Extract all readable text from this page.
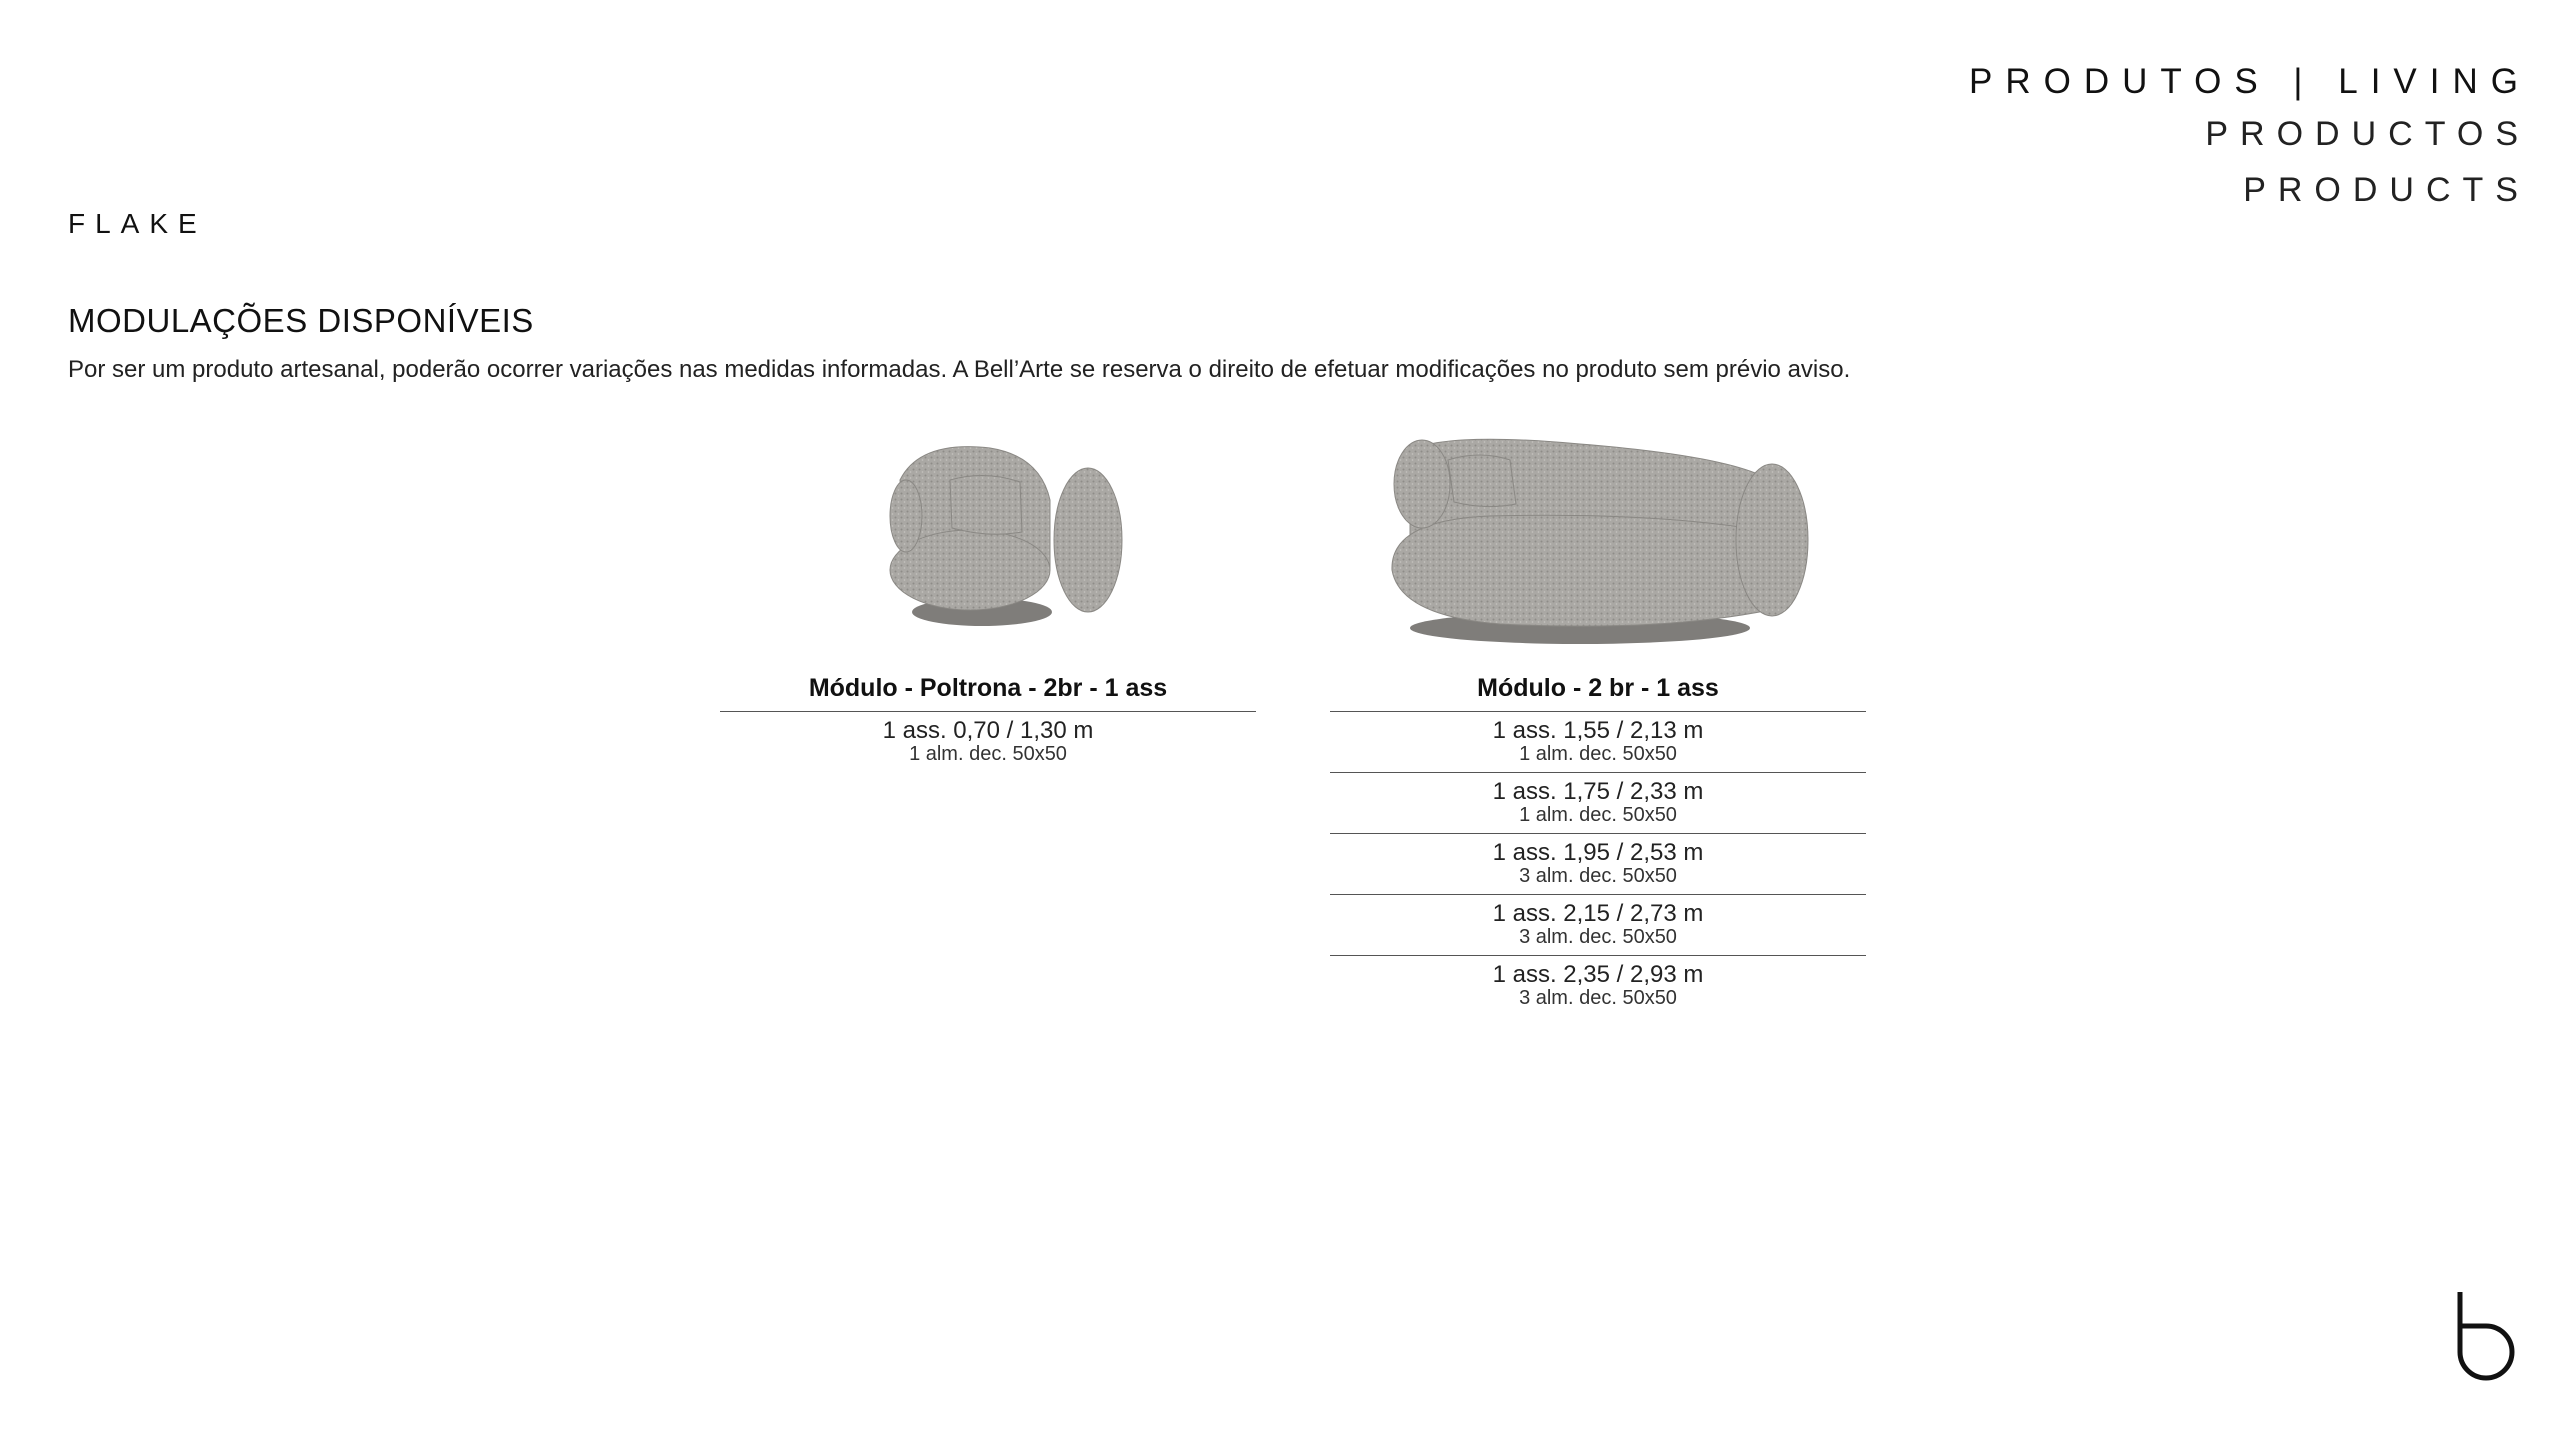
PRODUTOS | LIVING
PRODUCTOS
PRODUCTS
FLAKE
MODULAÇÕES DISPONÍVEIS
Por ser um produto artesanal, poderão ocorrer variações nas medidas informadas. A Bell’Arte se reserva o direito de efetuar modificações no produto sem prévio aviso.
Módulo - Poltrona - 2br - 1 ass
1 ass. 0,70 / 1,30 m
1 alm. dec. 50x50
Módulo - 2 br - 1 ass
1 ass. 1,55 / 2,13 m
1 alm. dec. 50x50
1 ass. 1,75 / 2,33 m
1 alm. dec. 50x50
1 ass. 1,95 / 2,53 m
3 alm. dec. 50x50
1 ass. 2,15 / 2,73 m
3 alm. dec. 50x50
1 ass. 2,35 / 2,93 m
3 alm. dec. 50x50
